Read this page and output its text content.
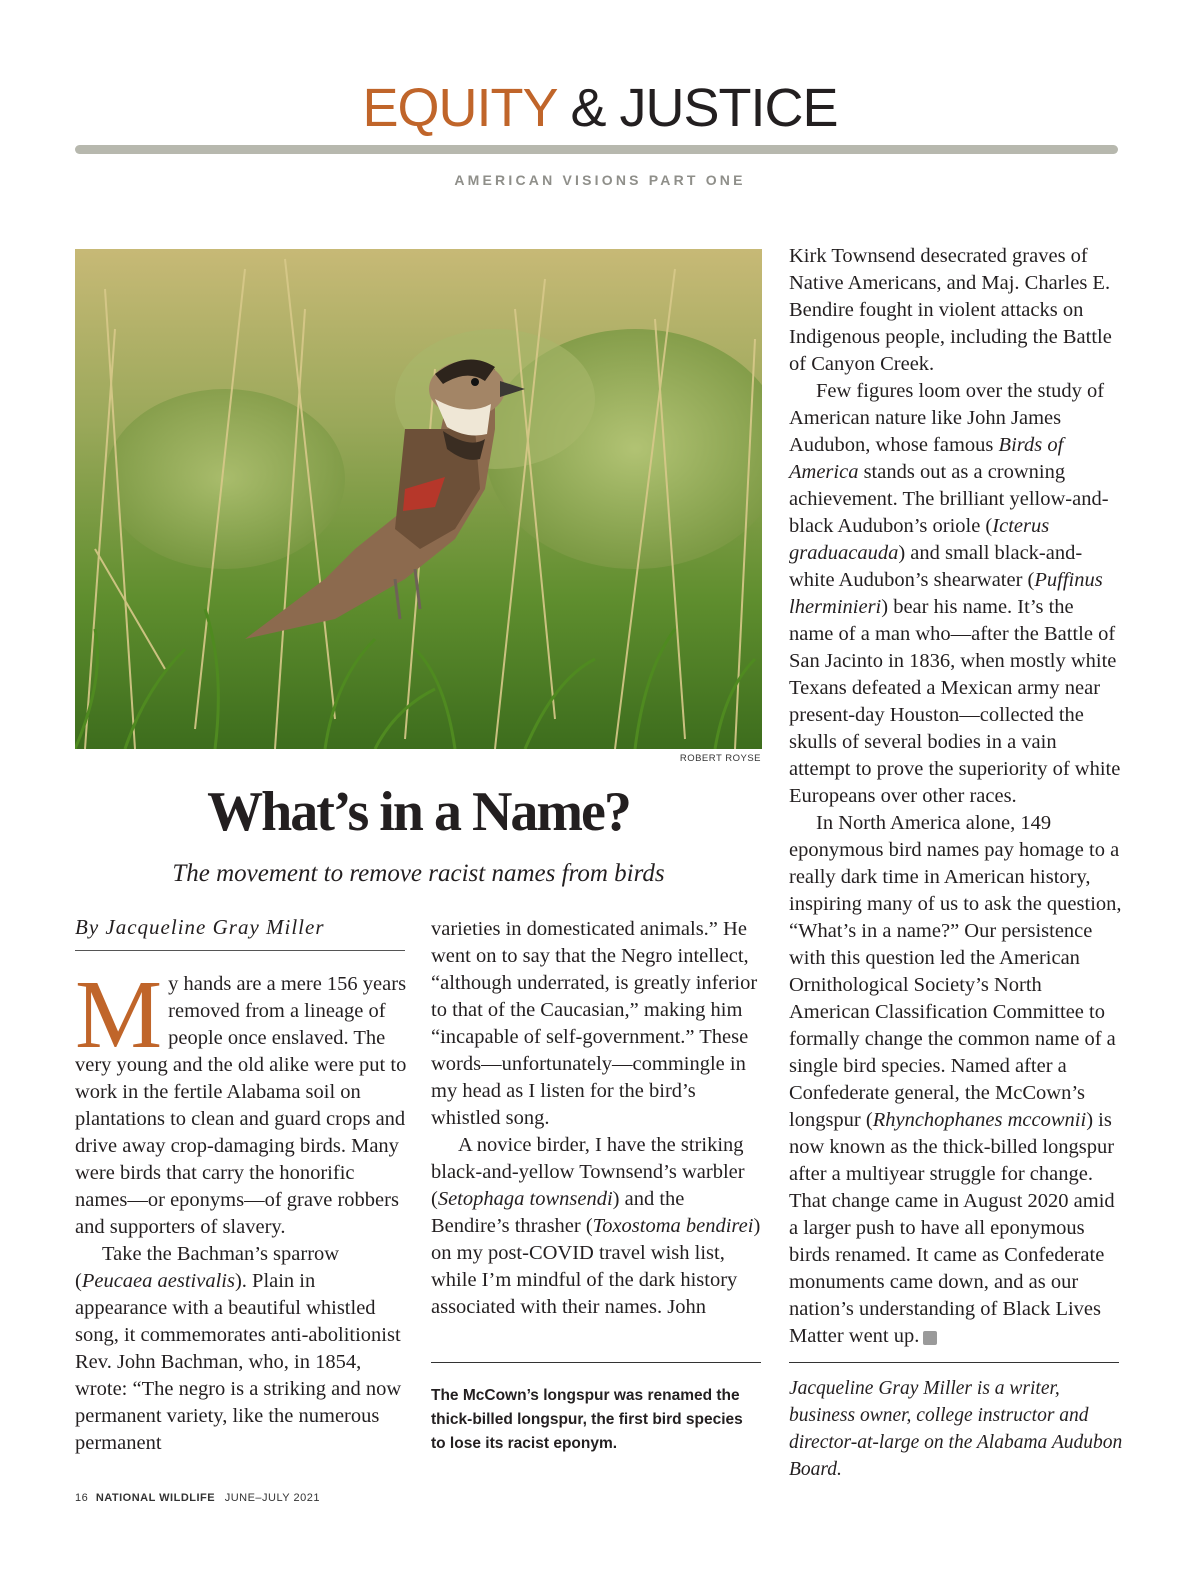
EQUITY & JUSTICE
AMERICAN VISIONS PART ONE
ROBERT ROYSE
What’s in a Name?
The movement to remove racist names from birds
By Jacqueline Gray Miller

My hands are a mere 156 years removed from a lineage of people once enslaved. The very young and the old alike were put to work in the fertile Alabama soil on plantations to clean and guard crops and drive away crop-damaging birds. Many were birds that carry the honorific names—or eponyms—of grave robbers and supporters of slavery.

Take the Bachman’s sparrow (Peucaea aestivalis). Plain in appearance with a beautiful whistled song, it commemorates anti-abolitionist Rev. John Bachman, who, in 1854, wrote: “The negro is a striking and now permanent variety, like the numerous permanent

varieties in domesticated animals.” He went on to say that the Negro intellect, “although underrated, is greatly inferior to that of the Caucasian,” making him “incapable of self-government.” These words—unfortunately—commingle in my head as I listen for the bird’s whistled song.

A novice birder, I have the striking black-and-yellow Townsend’s warbler (Setophaga townsendi) and the Bendire’s thrasher (Toxostoma bendirei) on my post-COVID travel wish list, while I’m mindful of the dark history associated with their names. John

The McCown’s longspur was renamed the thick-billed longspur, the first bird species to lose its racist eponym.

Kirk Townsend desecrated graves of Native Americans, and Maj. Charles E. Bendire fought in violent attacks on Indigenous people, including the Battle of Canyon Creek.

Few figures loom over the study of American nature like John James Audubon, whose famous Birds of America stands out as a crowning achievement. The brilliant yellow-and-black Audubon’s oriole (Icterus graduacauda) and small black-and-white Audubon’s shearwater (Puffinus lherminieri) bear his name. It’s the name of a man who—after the Battle of San Jacinto in 1836, when mostly white Texans defeated a Mexican army near present-day Houston—collected the skulls of several bodies in a vain attempt to prove the superiority of white Europeans over other races.

In North America alone, 149 eponymous bird names pay homage to a really dark time in American history, inspiring many of us to ask the question, “What’s in a name?” Our persistence with this question led the American Ornithological Society’s North American Classification Committee to formally change the common name of a single bird species. Named after a Confederate general, the McCown’s longspur (Rhynchophanes mccownii) is now known as the thick-billed longspur after a multiyear struggle for change. That change came in August 2020 amid a larger push to have all eponymous birds renamed. It came as Confederate monuments came down, and as our nation’s understanding of Black Lives Matter went up.	W

Jacqueline Gray Miller is a writer, business owner, college instructor and director-at-large on the Alabama Audubon Board.
16 NATIONAL WILDLIFE JUNE–JULY 2021
